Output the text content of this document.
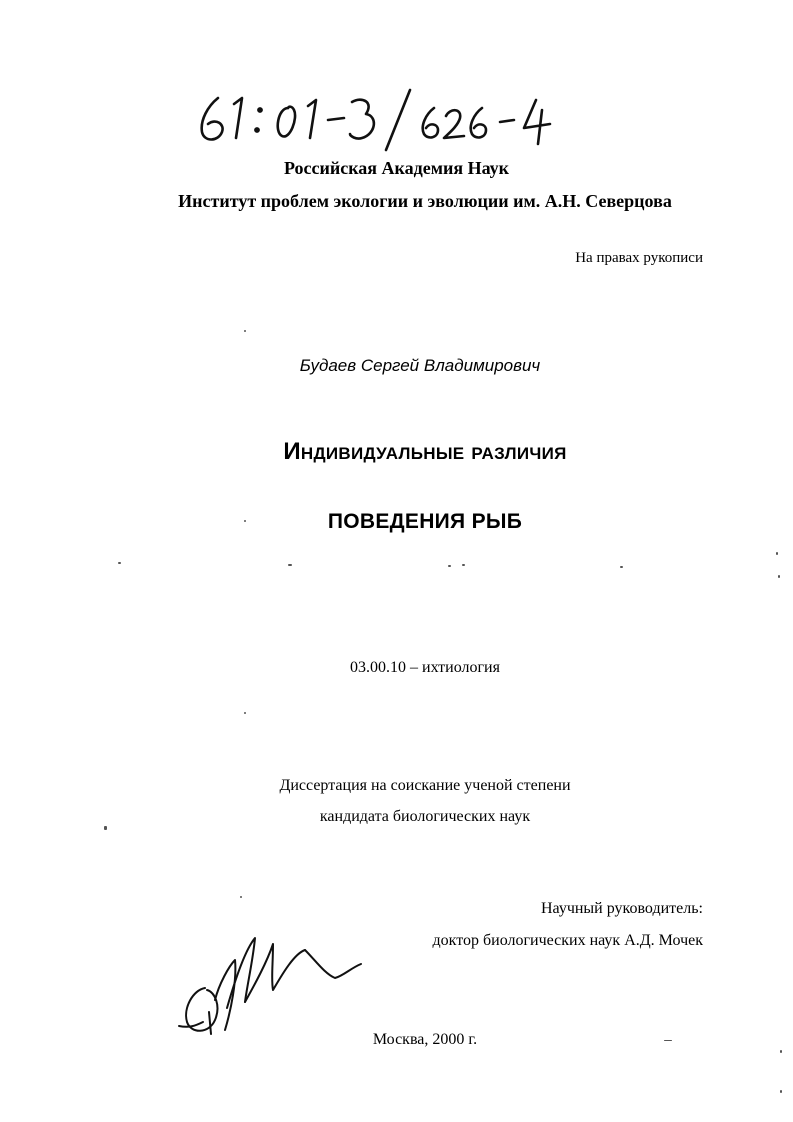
Российская Академия Наук
Институт проблем экологии и эволюции им. А.Н. Северцова
На правах рукописи
Будаев Сергей Владимирович
Индивидуальные различия
ПОВЕДЕНИЯ РЫБ
03.00.10 – ихтиология
Диссертация на соискание ученой степени
кандидата биологических наук
Научный руководитель:
доктор биологических наук А.Д. Мочек
Москва, 2000 г.
